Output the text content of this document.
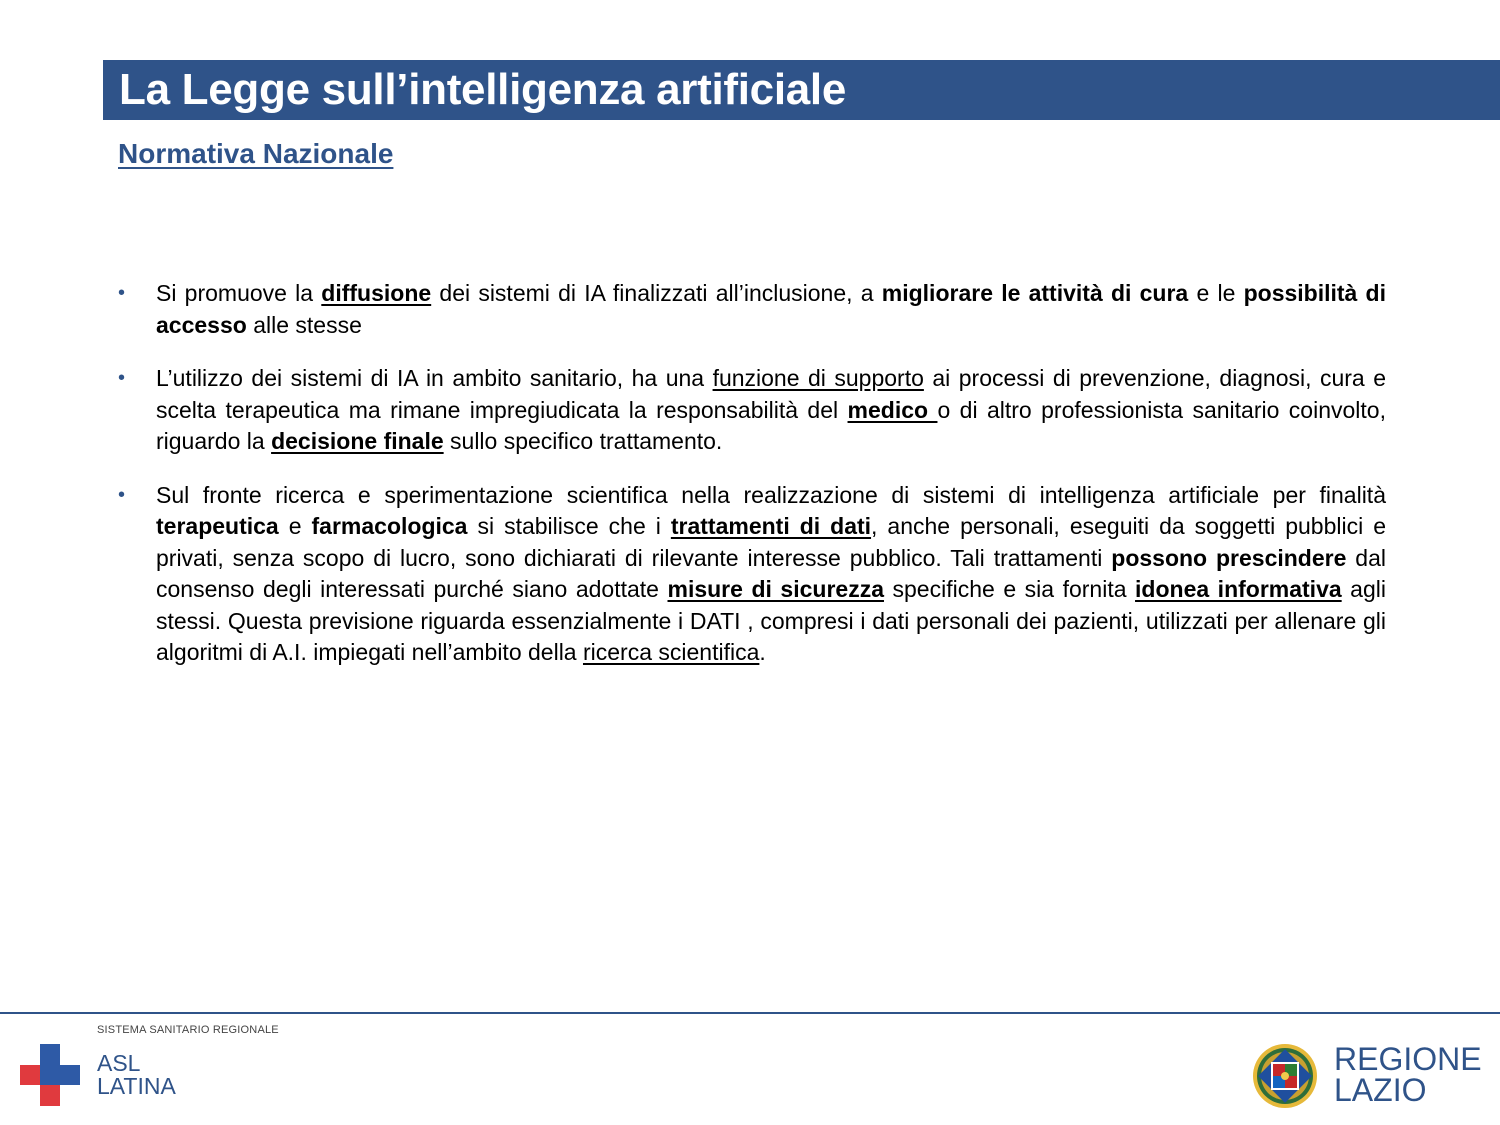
La Legge sull’intelligenza artificiale
Normativa Nazionale
• Si promuove la diffusione dei sistemi di IA finalizzati all’inclusione, a migliorare le attività di cura e le possibilità di accesso alle stesse
• L’utilizzo dei sistemi di IA in ambito sanitario, ha una funzione di supporto ai processi di prevenzione, diagnosi, cura e scelta terapeutica ma rimane impregiudicata la responsabilità del medico o di altro professionista sanitario coinvolto, riguardo la decisione finale sullo specifico trattamento.
• Sul fronte ricerca e sperimentazione scientifica nella realizzazione di sistemi di intelligenza artificiale per finalità terapeutica e farmacologica si stabilisce che i trattamenti di dati, anche personali, eseguiti da soggetti pubblici e privati, senza scopo di lucro, sono dichiarati di rilevante interesse pubblico. Tali trattamenti possono prescindere dal consenso degli interessati purché siano adottate misure di sicurezza specifiche e sia fornita idonea informativa agli stessi. Questa previsione riguarda essenzialmente i DATI , compresi i dati personali dei pazienti, utilizzati per allenare gli algoritmi di A.I. impiegati nell’ambito della ricerca scientifica.
SISTEMA SANITARIO REGIONALE
ASL
LATINA
REGIONE
LAZIO
